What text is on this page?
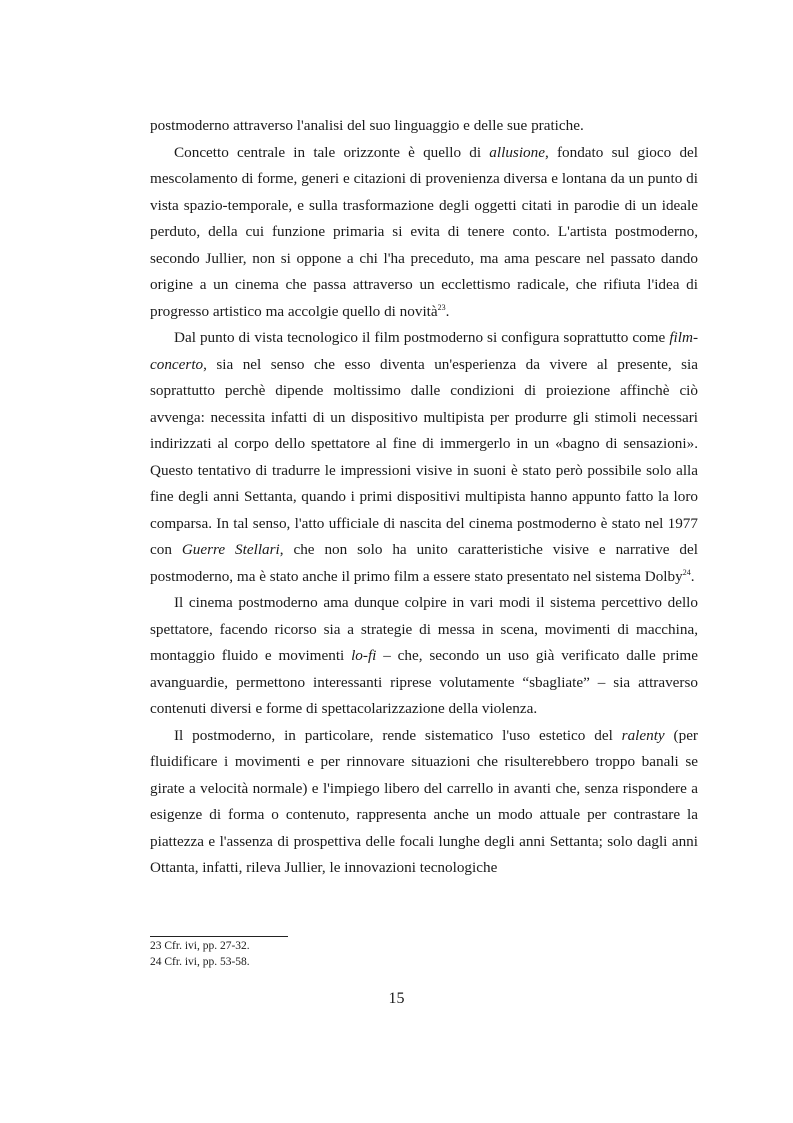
postmoderno attraverso l'analisi del suo linguaggio e delle sue pratiche.

Concetto centrale in tale orizzonte è quello di allusione, fondato sul gioco del mescolamento di forme, generi e citazioni di provenienza diversa e lontana da un punto di vista spazio-temporale, e sulla trasformazione degli oggetti citati in parodie di un ideale perduto, della cui funzione primaria si evita di tenere conto. L'artista postmoderno, secondo Jullier, non si oppone a chi l'ha preceduto, ma ama pescare nel passato dando origine a un cinema che passa attraverso un ecclettismo radicale, che rifiuta l'idea di progresso artistico ma accolgie quello di novità$^{23}$.

Dal punto di vista tecnologico il film postmoderno si configura soprattutto come film-concerto, sia nel senso che esso diventa un'esperienza da vivere al presente, sia soprattutto perchè dipende moltissimo dalle condizioni di proiezione affinchè ciò avvenga: necessita infatti di un dispositivo multipista per produrre gli stimoli necessari indirizzati al corpo dello spettatore al fine di immergerlo in un «bagno di sensazioni». Questo tentativo di tradurre le impressioni visive in suoni è stato però possibile solo alla fine degli anni Settanta, quando i primi dispositivi multipista hanno appunto fatto la loro comparsa. In tal senso, l'atto ufficiale di nascita del cinema postmoderno è stato nel 1977 con Guerre Stellari, che non solo ha unito caratteristiche visive e narrative del postmoderno, ma è stato anche il primo film a essere stato presentato nel sistema Dolby$^{24}$.

Il cinema postmoderno ama dunque colpire in vari modi il sistema percettivo dello spettatore, facendo ricorso sia a strategie di messa in scena, movimenti di macchina, montaggio fluido e movimenti lo-fi – che, secondo un uso già verificato dalle prime avanguardie, permettono interessanti riprese volutamente “sbagliate” – sia attraverso contenuti diversi e forme di spettacolarizzazione della violenza.

Il postmoderno, in particolare, rende sistematico l'uso estetico del ralenty (per fluidificare i movimenti e per rinnovare situazioni che risulterebbero troppo banali se girate a velocità normale) e l'impiego libero del carrello in avanti che, senza rispondere a esigenze di forma o contenuto, rappresenta anche un modo attuale per contrastare la piattezza e l'assenza di prospettiva delle focali lunghe degli anni Settanta; solo dagli anni Ottanta, infatti, rileva Jullier, le innovazioni tecnologiche

23 Cfr. ivi, pp. 27-32.
24 Cfr. ivi, pp. 53-58.
15
